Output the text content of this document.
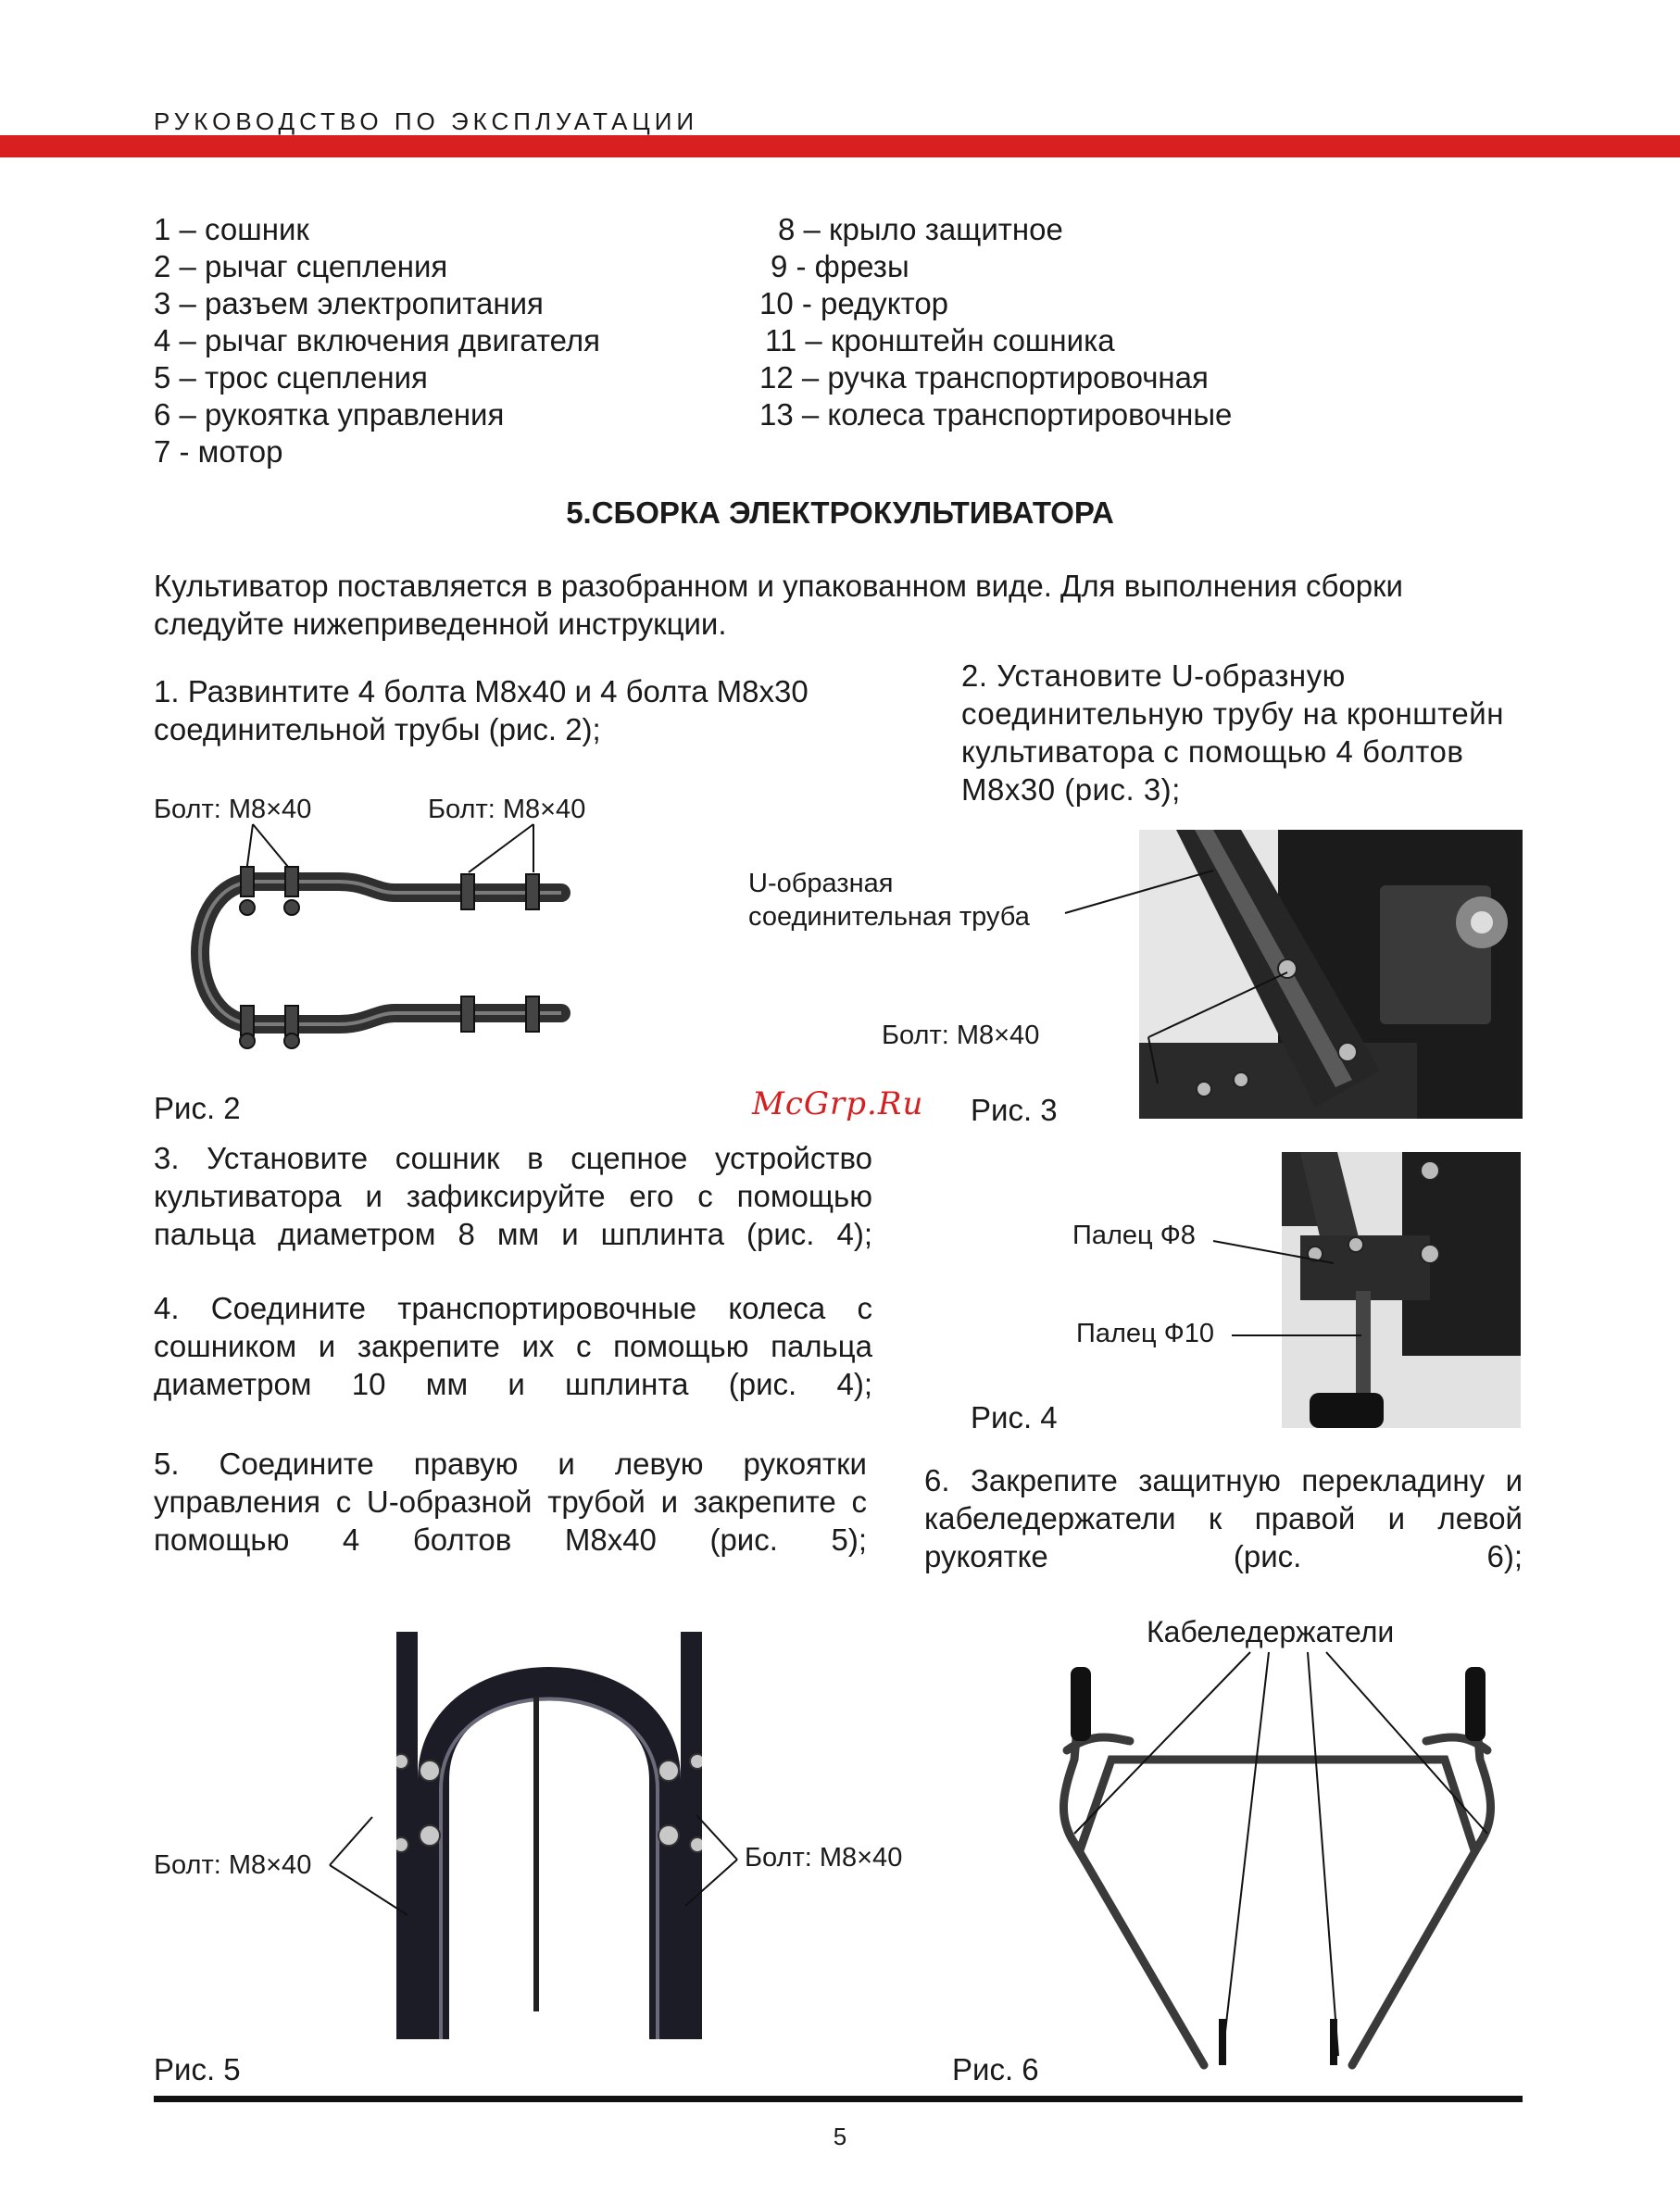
РУКОВОДСТВО ПО ЭКСПЛУАТАЦИИ
1 – сошник
2 – рычаг сцепления
3 – разъем электропитания
4 – рычаг включения двигателя
5 – трос сцепления
6 – рукоятка управления
7 - мотор
8 – крыло защитное
9 - фрезы
10 - редуктор
11 – кронштейн сошника
12 – ручка транспортировочная
13 – колеса транспортировочные
5.СБОРКА ЭЛЕКТРОКУЛЬТИВАТОРА
Культиватор поставляется в разобранном и упакованном виде. Для выполнения сборки следуйте нижеприведенной инструкции.
1. Развинтите 4 болта М8х40 и 4 болта М8х30 соединительной трубы (рис. 2);
2. Установите U-образную соединительную трубу на кронштейн культиватора с помощью 4 болтов М8х30 (рис. 3);
Болт: М8×40	Болт: М8×40
Рис. 2
U-образная соединительная труба
Болт: М8×40
Рис. 3
McGrp.Ru
3. Установите сошник в сцепное устройство культиватора и зафиксируйте его с помощью пальца диаметром 8 мм и шплинта (рис. 4);
4. Соедините транспортировочные колеса с сошником и закрепите их с помощью пальца диаметром 10 мм и шплинта (рис. 4);
Палец Ф8
Палец Ф10
Рис. 4
5. Соедините правую и левую рукоятки управления с U-образной трубой и закрепите с помощью 4 болтов М8х40 (рис. 5);
6. Закрепите защитную перекладину и кабеледержатели к правой и левой рукоятке (рис. 6);
Болт: М8×40	Болт: М8×40
Рис. 5
Кабеледержатели
Рис. 6
5
